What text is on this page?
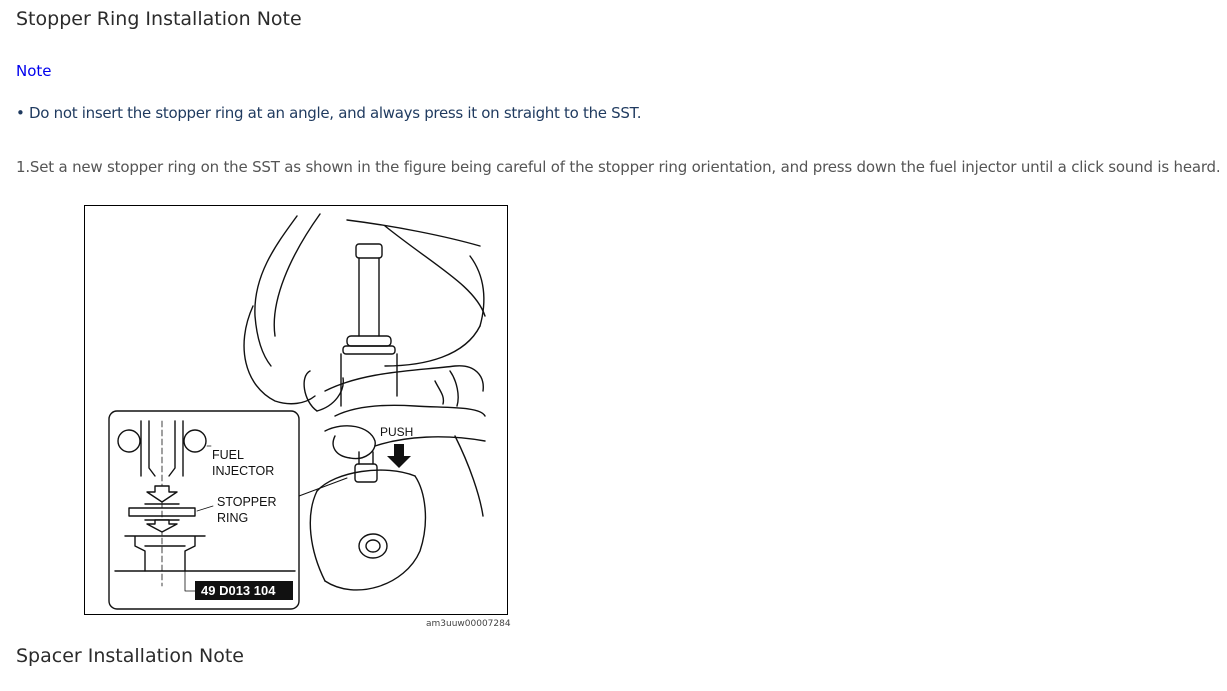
Stopper Ring Installation Note
Note
• Do not insert the stopper ring at an angle, and always press it on straight to the SST.
1.Set a new stopper ring on the SST as shown in the figure being careful of the stopper ring orientation, and press down the fuel injector until a click sound is heard.
PUSH
FUEL
INJECTOR
STOPPER
RING
49 D013 104
am3uuw00007284
Spacer Installation Note
